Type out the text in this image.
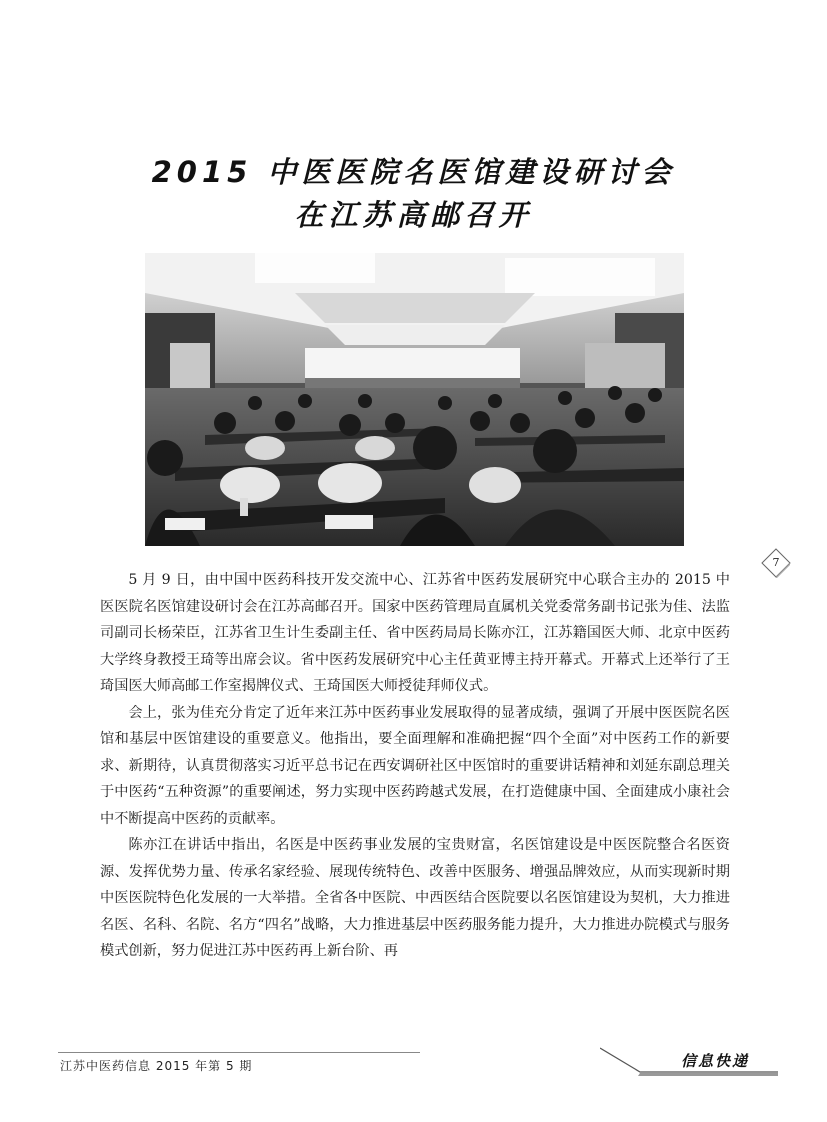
2015 中医医院名医馆建设研讨会
在江苏高邮召开

5 月 9 日，由中国中医药科技开发交流中心、江苏省中医药发展研究中心联合主办的 2015 中医医院名医馆建设研讨会在江苏高邮召开。国家中医药管理局直属机关党委常务副书记张为佳、法监司副司长杨荣臣，江苏省卫生计生委副主任、省中医药局局长陈亦江，江苏籍国医大师、北京中医药大学终身教授王琦等出席会议。省中医药发展研究中心主任黄亚博主持开幕式。开幕式上还举行了王琦国医大师高邮工作室揭牌仪式、王琦国医大师授徒拜师仪式。

会上，张为佳充分肯定了近年来江苏中医药事业发展取得的显著成绩，强调了开展中医医院名医馆和基层中医馆建设的重要意义。他指出，要全面理解和准确把握“四个全面”对中医药工作的新要求、新期待，认真贯彻落实习近平总书记在西安调研社区中医馆时的重要讲话精神和刘延东副总理关于中医药“五种资源”的重要阐述，努力实现中医药跨越式发展，在打造健康中国、全面建成小康社会中不断提高中医药的贡献率。

陈亦江在讲话中指出，名医是中医药事业发展的宝贵财富，名医馆建设是中医医院整合名医资源、发挥优势力量、传承名家经验、展现传统特色、改善中医服务、增强品牌效应，从而实现新时期中医医院特色化发展的一大举措。全省各中医院、中西医结合医院要以名医馆建设为契机，大力推进名医、名科、名院、名方“四名”战略，大力推进基层中医药服务能力提升，大力推进办院模式与服务模式创新，努力促进江苏中医药再上新台阶、再

7
江苏中医药信息 2015 年第 5 期	信息快递
